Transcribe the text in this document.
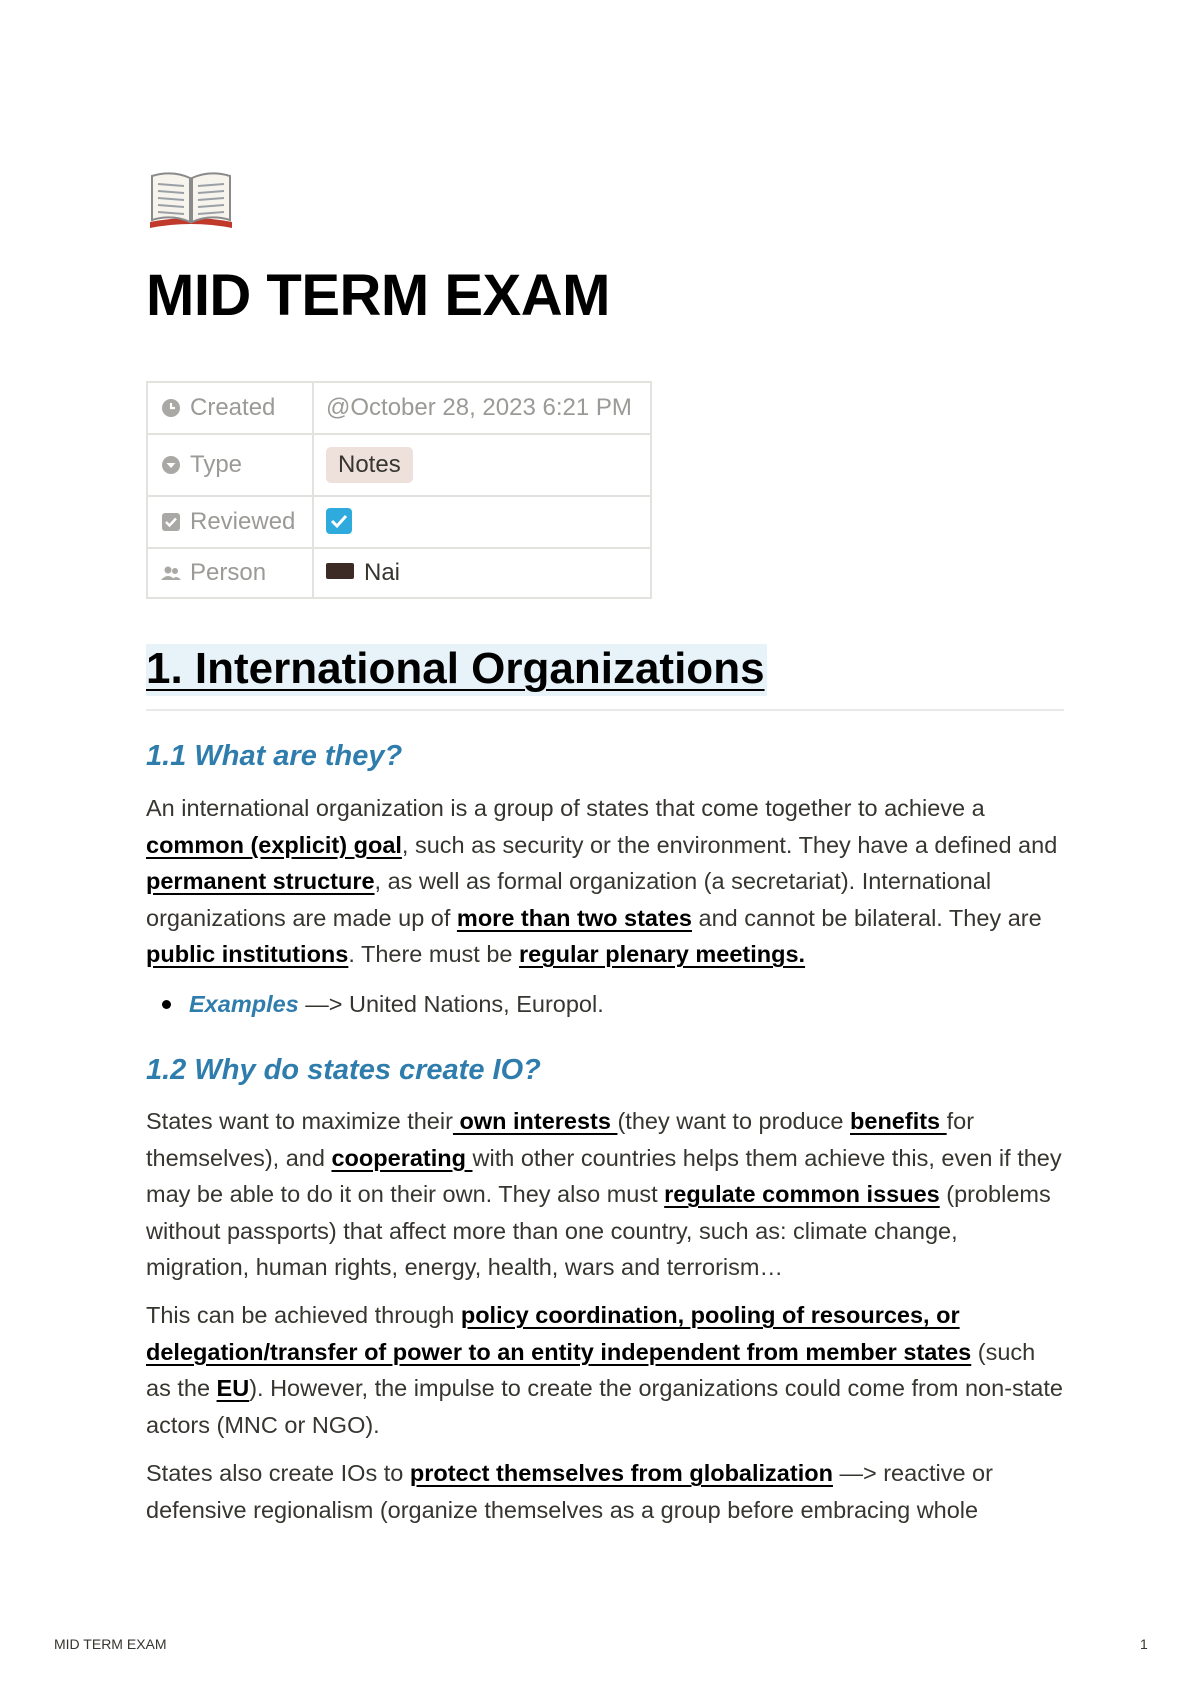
MID TERM EXAM
Created	@October 28, 2023 6:21 PM
Type	Notes
Reviewed	
Person	Nai
1. International Organizations
1.1 What are they?

An international organization is a group of states that come together to achieve a common (explicit) goal, such as security or the environment. They have a defined and permanent structure, as well as formal organization (a secretariat). International organizations are made up of more than two states and cannot be bilateral. They are public institutions. There must be regular plenary meetings.

Examples —> United Nations, Europol.
1.2 Why do states create IO?

States want to maximize their own interests (they want to produce benefits for themselves), and cooperating with other countries helps them achieve this, even if they may be able to do it on their own. They also must regulate common issues (problems without passports) that affect more than one country, such as: climate change, migration, human rights, energy, health, wars and terrorism…

This can be achieved through policy coordination, pooling of resources, or delegation/transfer of power to an entity independent from member states (such as the EU). However, the impulse to create the organizations could come from non-state actors (MNC or NGO).

States also create IOs to protect themselves from globalization —> reactive or defensive regionalism (organize themselves as a group before embracing whole

MID TERM EXAM	1
